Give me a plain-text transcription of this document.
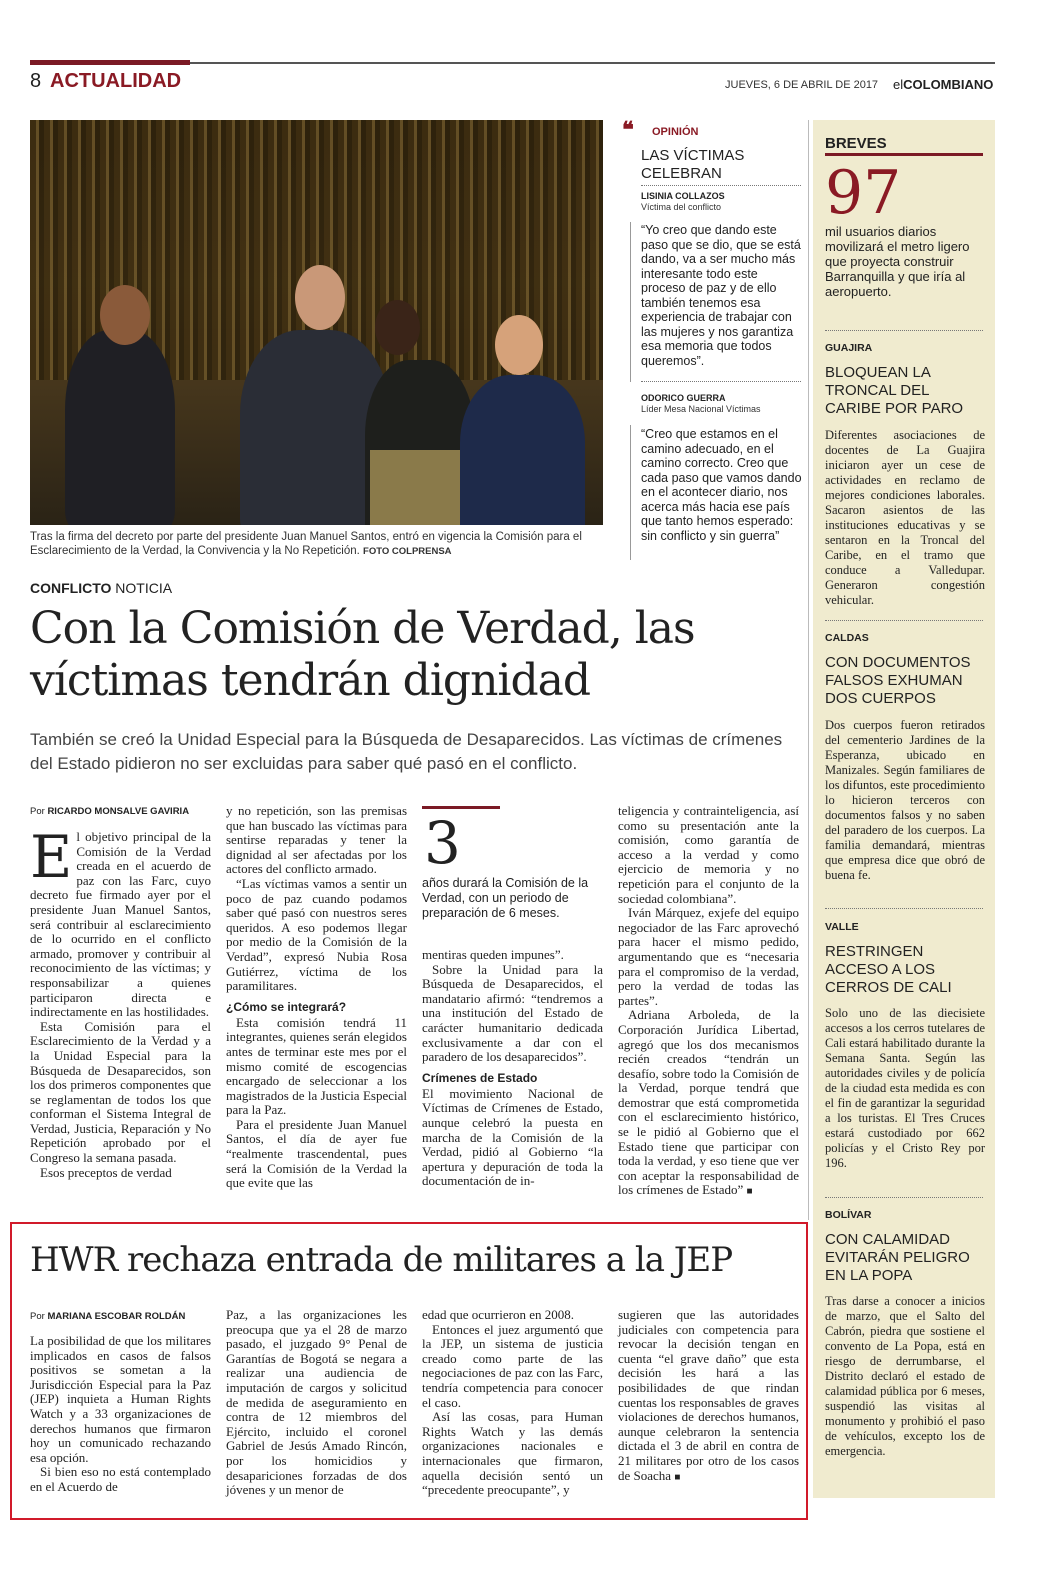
8 ACTUALIDAD	JUEVES, 6 DE ABRIL DE 2017 elCOLOMBIANO
Tras la firma del decreto por parte del presidente Juan Manuel Santos, entró en vigencia la Comisión para el Esclarecimiento de la Verdad, la Convivencia y la No Repetición. FOTO COLPRENSA
❝	OPINIÓN
LAS VÍCTIMAS CELEBRAN
LISINIA COLLAZOS
Víctima del conflicto
“Yo creo que dando este paso que se dio, que se está dando, va a ser mucho más interesante todo este proceso de paz y de ello también tenemos esa experiencia de trabajar con las mujeres y nos garantiza esa memoria que todos queremos”.
ODORICO GUERRA
Líder Mesa Nacional Víctimas
“Creo que estamos en el camino adecuado, en el camino correcto. Creo que cada paso que vamos dando en el acontecer diario, nos acerca más hacia ese país que tanto hemos esperado: sin conflicto y sin guerra”
CONFLICTO NOTICIA
Con la Comisión de Verdad, las víctimas tendrán dignidad
También se creó la Unidad Especial para la Búsqueda de Desaparecidos. Las víctimas de crímenes del Estado pidieron no ser excluidas para saber qué pasó en el conflicto.
Por RICARDO MONSALVE GAVIRIA

El objetivo principal de la Comisión de la Verdad creada en el acuerdo de paz con las Farc, cuyo decreto fue firmado ayer por el presidente Juan Manuel Santos, será contribuir al esclarecimiento de lo ocurrido en el conflicto armado, promover y contribuir al reconocimiento de las víctimas; y responsabilizar a quienes participaron directa e indirectamente en las hostilidades.

Esta Comisión para el Esclarecimiento de la Verdad y a la Unidad Especial para la Búsqueda de Desaparecidos, son los dos primeros componentes que se reglamentan de todos los que conforman el Sistema Integral de Verdad, Justicia, Reparación y No Repetición aprobado por el Congreso la semana pasada.

Esos preceptos de verdad

y no repetición, son las premisas que han buscado las víctimas para sentirse reparadas y tener la dignidad al ser afectadas por los actores del conflicto armado.

“Las víctimas vamos a sentir un poco de paz cuando podamos saber qué pasó con nuestros seres queridos. A eso podemos llegar por medio de la Comisión de la Verdad”, expresó Nubia Rosa Gutiérrez, víctima de los paramilitares.

¿Cómo se integrará?

Esta comisión tendrá 11 integrantes, quienes serán elegidos antes de terminar este mes por el mismo comité de escogencias encargado de seleccionar a los magistrados de la Justicia Especial para la Paz.

Para el presidente Juan Manuel Santos, el día de ayer fue “realmente trascendental, pues será la Comisión de la Verdad la que evite que las

3
años durará la Comisión de la Verdad, con un periodo de preparación de 6 meses.

mentiras queden impunes”.

Sobre la Unidad para la Búsqueda de Desaparecidos, el mandatario afirmó: “tendremos a una institución del Estado de carácter humanitario dedicada exclusivamente a dar con el paradero de los desaparecidos”.

Crímenes de Estado

El movimiento Nacional de Víctimas de Crímenes de Estado, aunque celebró la puesta en marcha de la Comisión de la Verdad, pidió al Gobierno “la apertura y depuración de toda la documentación de in-

teligencia y contrainteligencia, así como su presentación ante la comisión, como garantía de acceso a la verdad y como ejercicio de memoria y no repetición para el conjunto de la sociedad colombiana”.

Iván Márquez, exjefe del equipo negociador de las Farc aprovechó para hacer el mismo pedido, argumentando que es “necesaria para el compromiso de la verdad, pero la verdad de todas las partes”.

Adriana Arboleda, de la Corporación Jurídica Libertad, agregó que los dos mecanismos recién creados “tendrán un desafío, sobre todo la Comisión de la Verdad, porque tendrá que demostrar que está comprometida con el esclarecimiento histórico, se le pidió al Gobierno que el Estado tiene que participar con toda la verdad, y eso tiene que ver con aceptar la responsabilidad de los crímenes de Estado” ■

HWR rechaza entrada de militares a la JEP
Por MARIANA ESCOBAR ROLDÁN

La posibilidad de que los militares implicados en casos de falsos positivos se sometan a la Jurisdicción Especial para la Paz (JEP) inquieta a Human Rights Watch y a 33 organizaciones de derechos humanos que firmaron hoy un comunicado rechazando esa opción.

Si bien eso no está contemplado en el Acuerdo de

Paz, a las organizaciones les preocupa que ya el 28 de marzo pasado, el juzgado 9° Penal de Garantías de Bogotá se negara a realizar una audiencia de imputación de cargos y solicitud de medida de aseguramiento en contra de 12 miembros del Ejército, incluido el coronel Gabriel de Jesús Amado Rincón, por los homicidios y desapariciones forzadas de dos jóvenes y un menor de

edad que ocurrieron en 2008.

Entonces el juez argumentó que la JEP, un sistema de justicia creado como parte de las negociaciones de paz con las Farc, tendría competencia para conocer el caso.

Así las cosas, para Human Rights Watch y las demás organizaciones nacionales e internacionales que firmaron, aquella decisión sentó un “precedente preocupante”, y

sugieren que las autoridades judiciales con competencia para revocar la decisión tengan en cuenta “el grave daño” que esta decisión les hará a las posibilidades de que rindan cuentas los responsables de graves violaciones de derechos humanos, aunque celebraron la sentencia dictada el 3 de abril en contra de 21 militares por otro de los casos de Soacha ■

BREVES
97
mil usuarios diarios movilizará el metro ligero que proyecta construir Barranquilla y que iría al aeropuerto.
GUAJIRA
BLOQUEAN LA TRONCAL DEL CARIBE POR PARO
Diferentes asociaciones de docentes de La Guajira iniciaron ayer un cese de actividades en reclamo de mejores condiciones laborales. Sacaron asientos de las instituciones educativas y se sentaron en la Troncal del Caribe, en el tramo que conduce a Valledupar. Generaron congestión vehicular.
CALDAS
CON DOCUMENTOS FALSOS EXHUMAN DOS CUERPOS
Dos cuerpos fueron retirados del cementerio Jardines de la Esperanza, ubicado en Manizales. Según familiares de los difuntos, este procedimiento lo hicieron terceros con documentos falsos y no saben del paradero de los cuerpos. La familia demandará, mientras que empresa dice que obró de buena fe.
VALLE
RESTRINGEN ACCESO A LOS CERROS DE CALI
Solo uno de las diecisiete accesos a los cerros tutelares de Cali estará habilitado durante la Semana Santa. Según las autoridades civiles y de policía de la ciudad esta medida es con el fin de garantizar la seguridad a los turistas. El Tres Cruces estará custodiado por 662 policías y el Cristo Rey por 196.
BOLÍVAR
CON CALAMIDAD EVITARÁN PELIGRO EN LA POPA
Tras darse a conocer a inicios de marzo, que el Salto del Cabrón, piedra que sostiene el convento de La Popa, está en riesgo de derrumbarse, el Distrito declaró el estado de calamidad pública por 6 meses, suspendió las visitas al monumento y prohibió el paso de vehículos, excepto los de emergencia.
